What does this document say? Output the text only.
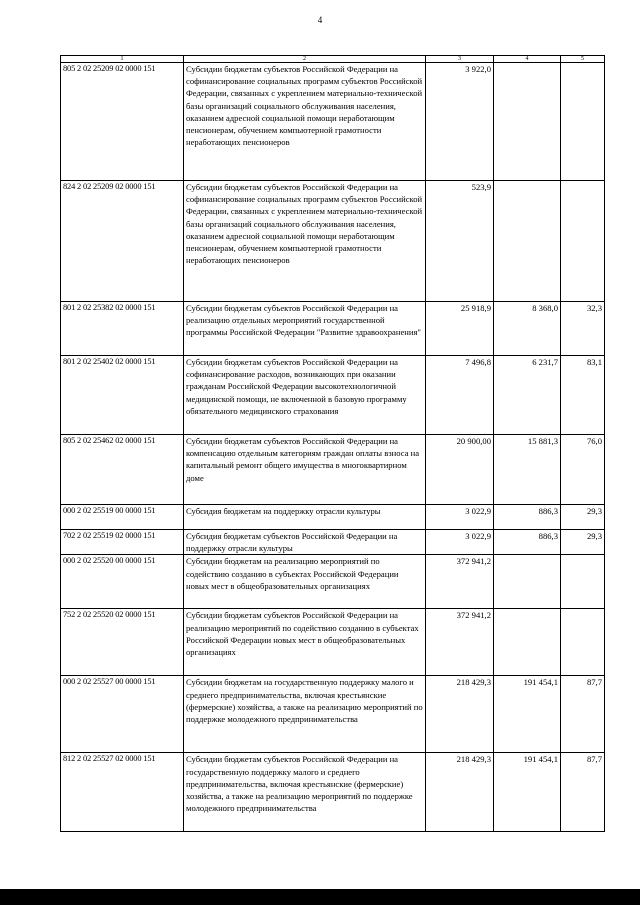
4
1	2	3	4	5
805 2 02 25209 02 0000 151	Субсидии бюджетам субъектов Российской Федерации на софинансирование социальных программ субъектов Российской Федерации, связанных с укреплением материально-технической базы организаций социального обслуживания населения, оказанием адресной социальной помощи неработающим пенсионерам, обучением компьютерной грамотности неработающих пенсионеров	3 922,0		
824 2 02 25209 02 0000 151	Субсидии бюджетам субъектов Российской Федерации на софинансирование социальных программ субъектов Российской Федерации, связанных с укреплением материально-технической базы организаций социального обслуживания населения, оказанием адресной социальной помощи неработающим пенсионерам, обучением компьютерной грамотности неработающих пенсионеров	523,9		
801 2 02 25382 02 0000 151	Субсидии бюджетам субъектов Российской Федерации на реализацию отдельных мероприятий государственной программы Российской Федерации "Развитие здравоохранения"	25 918,9	8 368,0	32,3
801 2 02 25402 02 0000 151	Субсидии бюджетам субъектов Российской Федерации на софинансирование расходов, возникающих при оказании гражданам Российской Федерации высокотехнологичной медицинской помощи, не включенной в базовую программу обязательного медицинского страхования	7 496,8	6 231,7	83,1
805 2 02 25462 02 0000 151	Субсидии бюджетам субъектов Российской Федерации на компенсацию отдельным категориям граждан оплаты взноса на капитальный ремонт общего имущества в многоквартирном доме	20 900,00	15 881,3	76,0
000 2 02 25519 00 0000 151	Субсидия бюджетам на поддержку отрасли культуры	3 022,9	886,3	29,3
702 2 02 25519 02 0000 151	Субсидия бюджетам субъектов Российской Федерации на поддержку отрасли культуры	3 022,9	886,3	29,3
000 2 02 25520 00 0000 151	Субсидии бюджетам на реализацию мероприятий по содействию созданию в субъектах Российской Федерации новых мест в общеобразовательных организациях	372 941,2		
752 2 02 25520 02 0000 151	Субсидии бюджетам субъектов Российской Федерации на реализацию мероприятий по содействию созданию в субъектах Российской Федерации новых мест в общеобразовательных организациях	372 941,2		
000 2 02 25527 00 0000 151	Субсидии бюджетам на государственную поддержку малого и среднего предпринимательства, включая крестьянские (фермерские) хозяйства, а также на реализацию мероприятий по поддержке молодежного предпринимательства	218 429,3	191 454,1	87,7
812 2 02 25527 02 0000 151	Субсидии бюджетам субъектов Российской Федерации на государственную поддержку малого и среднего предпринимательства, включая крестьянские (фермерские) хозяйства, а также на реализацию мероприятий по поддержке молодежного предпринимательства	218 429,3	191 454,1	87,7
